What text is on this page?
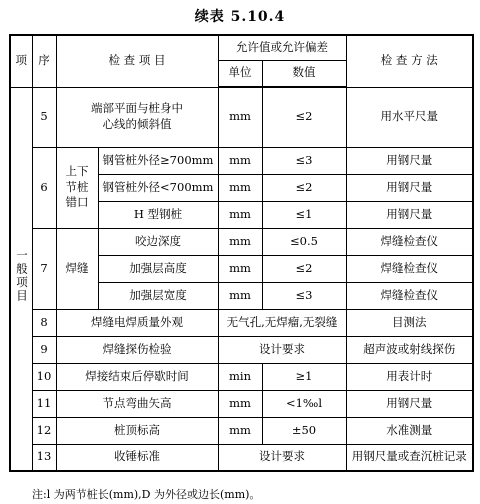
续表 5.10.4
项	序	检 查 项 目		允许值或允许偏差		检 查 方 法
				单位	数值	
一般项目	5	端部平面与桩身中心线的倾斜值		mm	≤2	用水平尺量
	6	上下节桩错口	钢管桩外径≥700mm	mm	≤3	用钢尺量
			钢管桩外径<700mm	mm	≤2	用钢尺量
			H 型钢桩	mm	≤1	用钢尺量
	7	焊缝	咬边深度	mm	≤0.5	焊缝检查仪
			加强层高度	mm	≤2	焊缝检查仪
			加强层宽度	mm	≤3	焊缝检查仪
	8	焊缝电焊质量外观		无气孔,无焊瘤,无裂缝		目测法
	9	焊缝探伤检验		设计要求		超声波或射线探伤
	10	焊接结束后停歇时间		min	≥1	用表计时
	11	节点弯曲矢高		mm	<1‰l	用钢尺量
	12	桩顶标高		mm	±50	水准测量
	13	收锤标准		设计要求		用钢尺量或查沉桩记录
注:l 为两节桩长(mm),D 为外径或边长(mm)。
